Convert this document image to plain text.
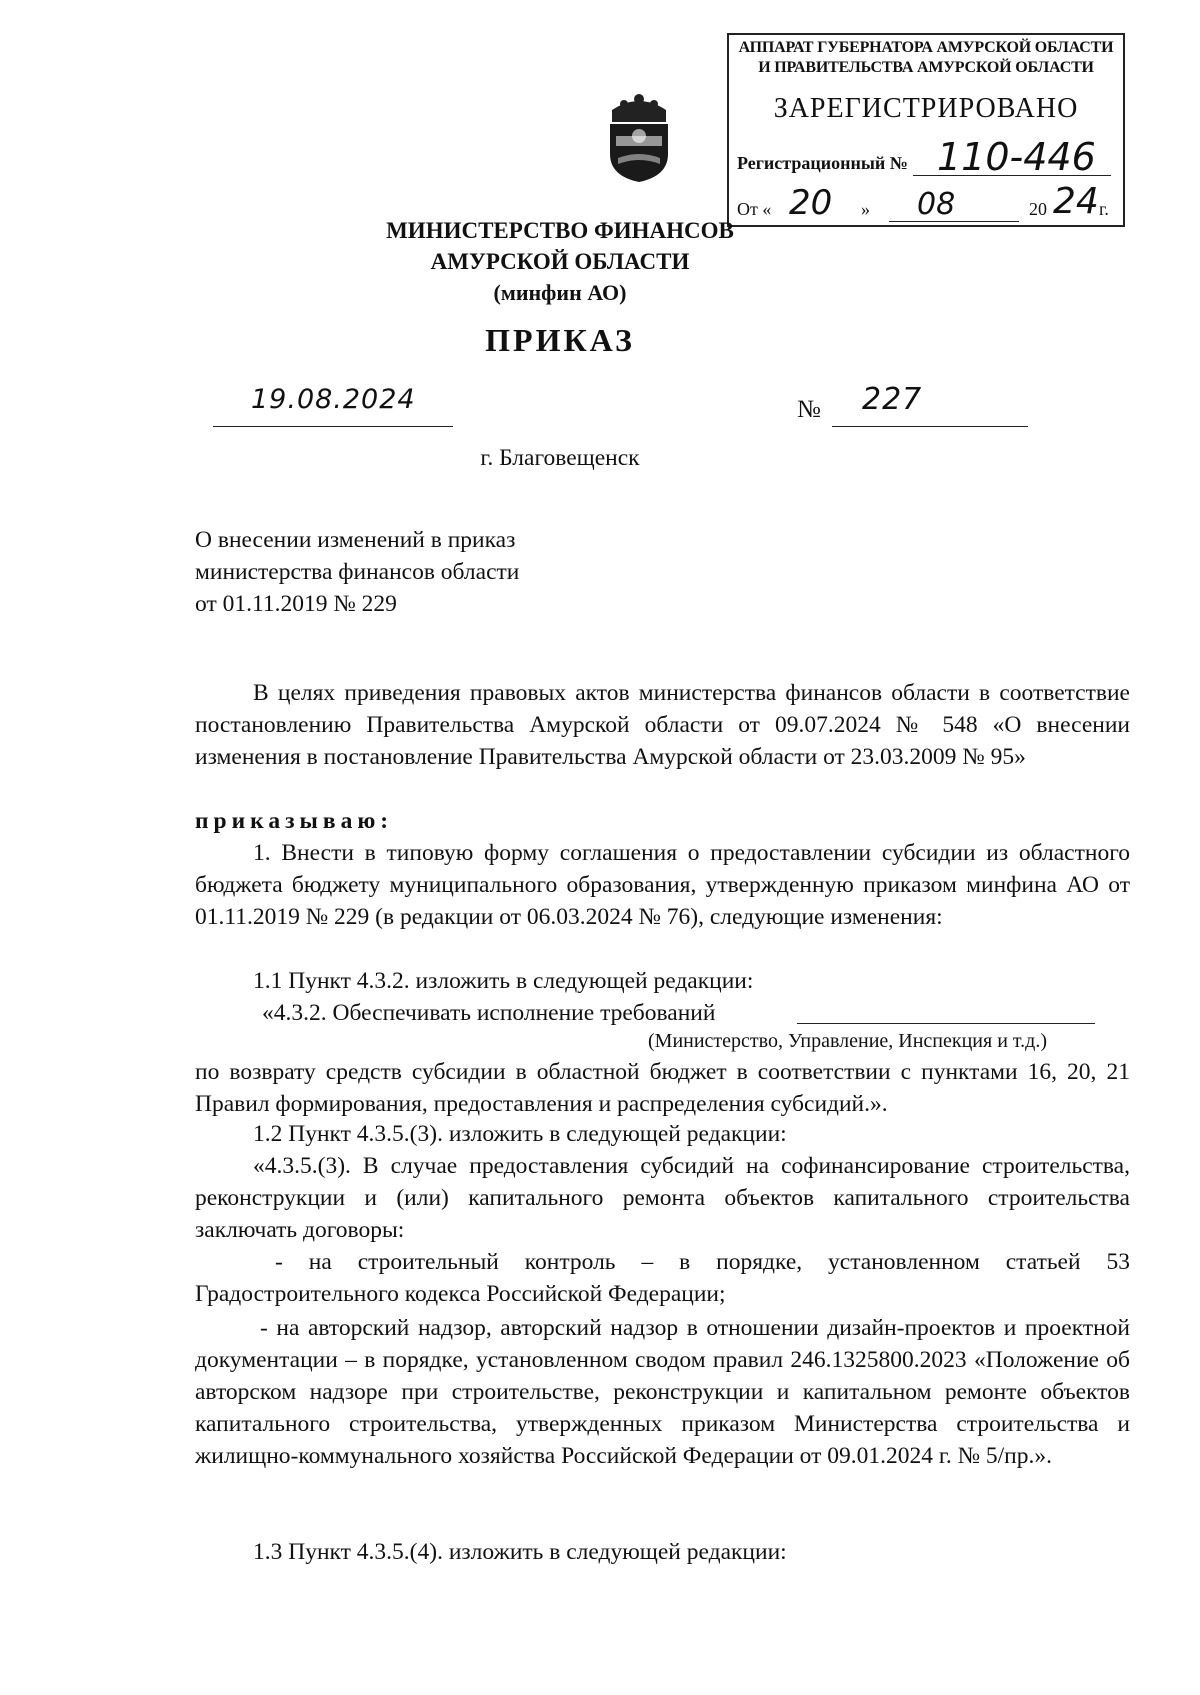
АППАРАТ ГУБЕРНАТОРА АМУРСКОЙ ОБЛАСТИ
И ПРАВИТЕЛЬСТВА АМУРСКОЙ ОБЛАСТИ
ЗАРЕГИСТРИРОВАНО
Регистрационный № 110-446
От « 20 » 08	20 24 г.
МИНИСТЕРСТВО ФИНАНСОВ
АМУРСКОЙ ОБЛАСТИ
(минфин АО)
ПРИКАЗ
19.08.2024	№ 227
г. Благовещенск
О внесении изменений в приказ
министерства финансов области
от 01.11.2019 № 229
В целях приведения правовых актов министерства финансов области в соответствие постановлению Правительства Амурской области от 09.07.2024 № 548 «О внесении изменения в постановление Правительства Амурской области от 23.03.2009 № 95»
приказываю:
1. Внести в типовую форму соглашения о предоставлении субсидии из областного бюджета бюджету муниципального образования, утвержденную приказом минфина АО от 01.11.2019 № 229 (в редакции от 06.03.2024 № 76), следующие изменения:
1.1 Пункт 4.3.2. изложить в следующей редакции:
«4.3.2. Обеспечивать исполнение требований
(Министерство, Управление, Инспекция и т.д.)
по возврату средств субсидии в областной бюджет в соответствии с пунктами 16, 20, 21 Правил формирования, предоставления и распределения субсидий.».
1.2 Пункт 4.3.5.(3). изложить в следующей редакции:
«4.3.5.(3). В случае предоставления субсидий на софинансирование строительства, реконструкции и (или) капитального ремонта объектов капитального строительства заключать договоры:
- на строительный контроль – в порядке, установленном статьей 53 Градостроительного кодекса Российской Федерации;
- на авторский надзор, авторский надзор в отношении дизайн-проектов и проектной документации – в порядке, установленном сводом правил 246.1325800.2023 «Положение об авторском надзоре при строительстве, реконструкции и капитальном ремонте объектов капитального строительства, утвержденных приказом Министерства строительства и жилищно-коммунального хозяйства Российской Федерации от 09.01.2024 г. № 5/пр.».
1.3 Пункт 4.3.5.(4). изложить в следующей редакции:
